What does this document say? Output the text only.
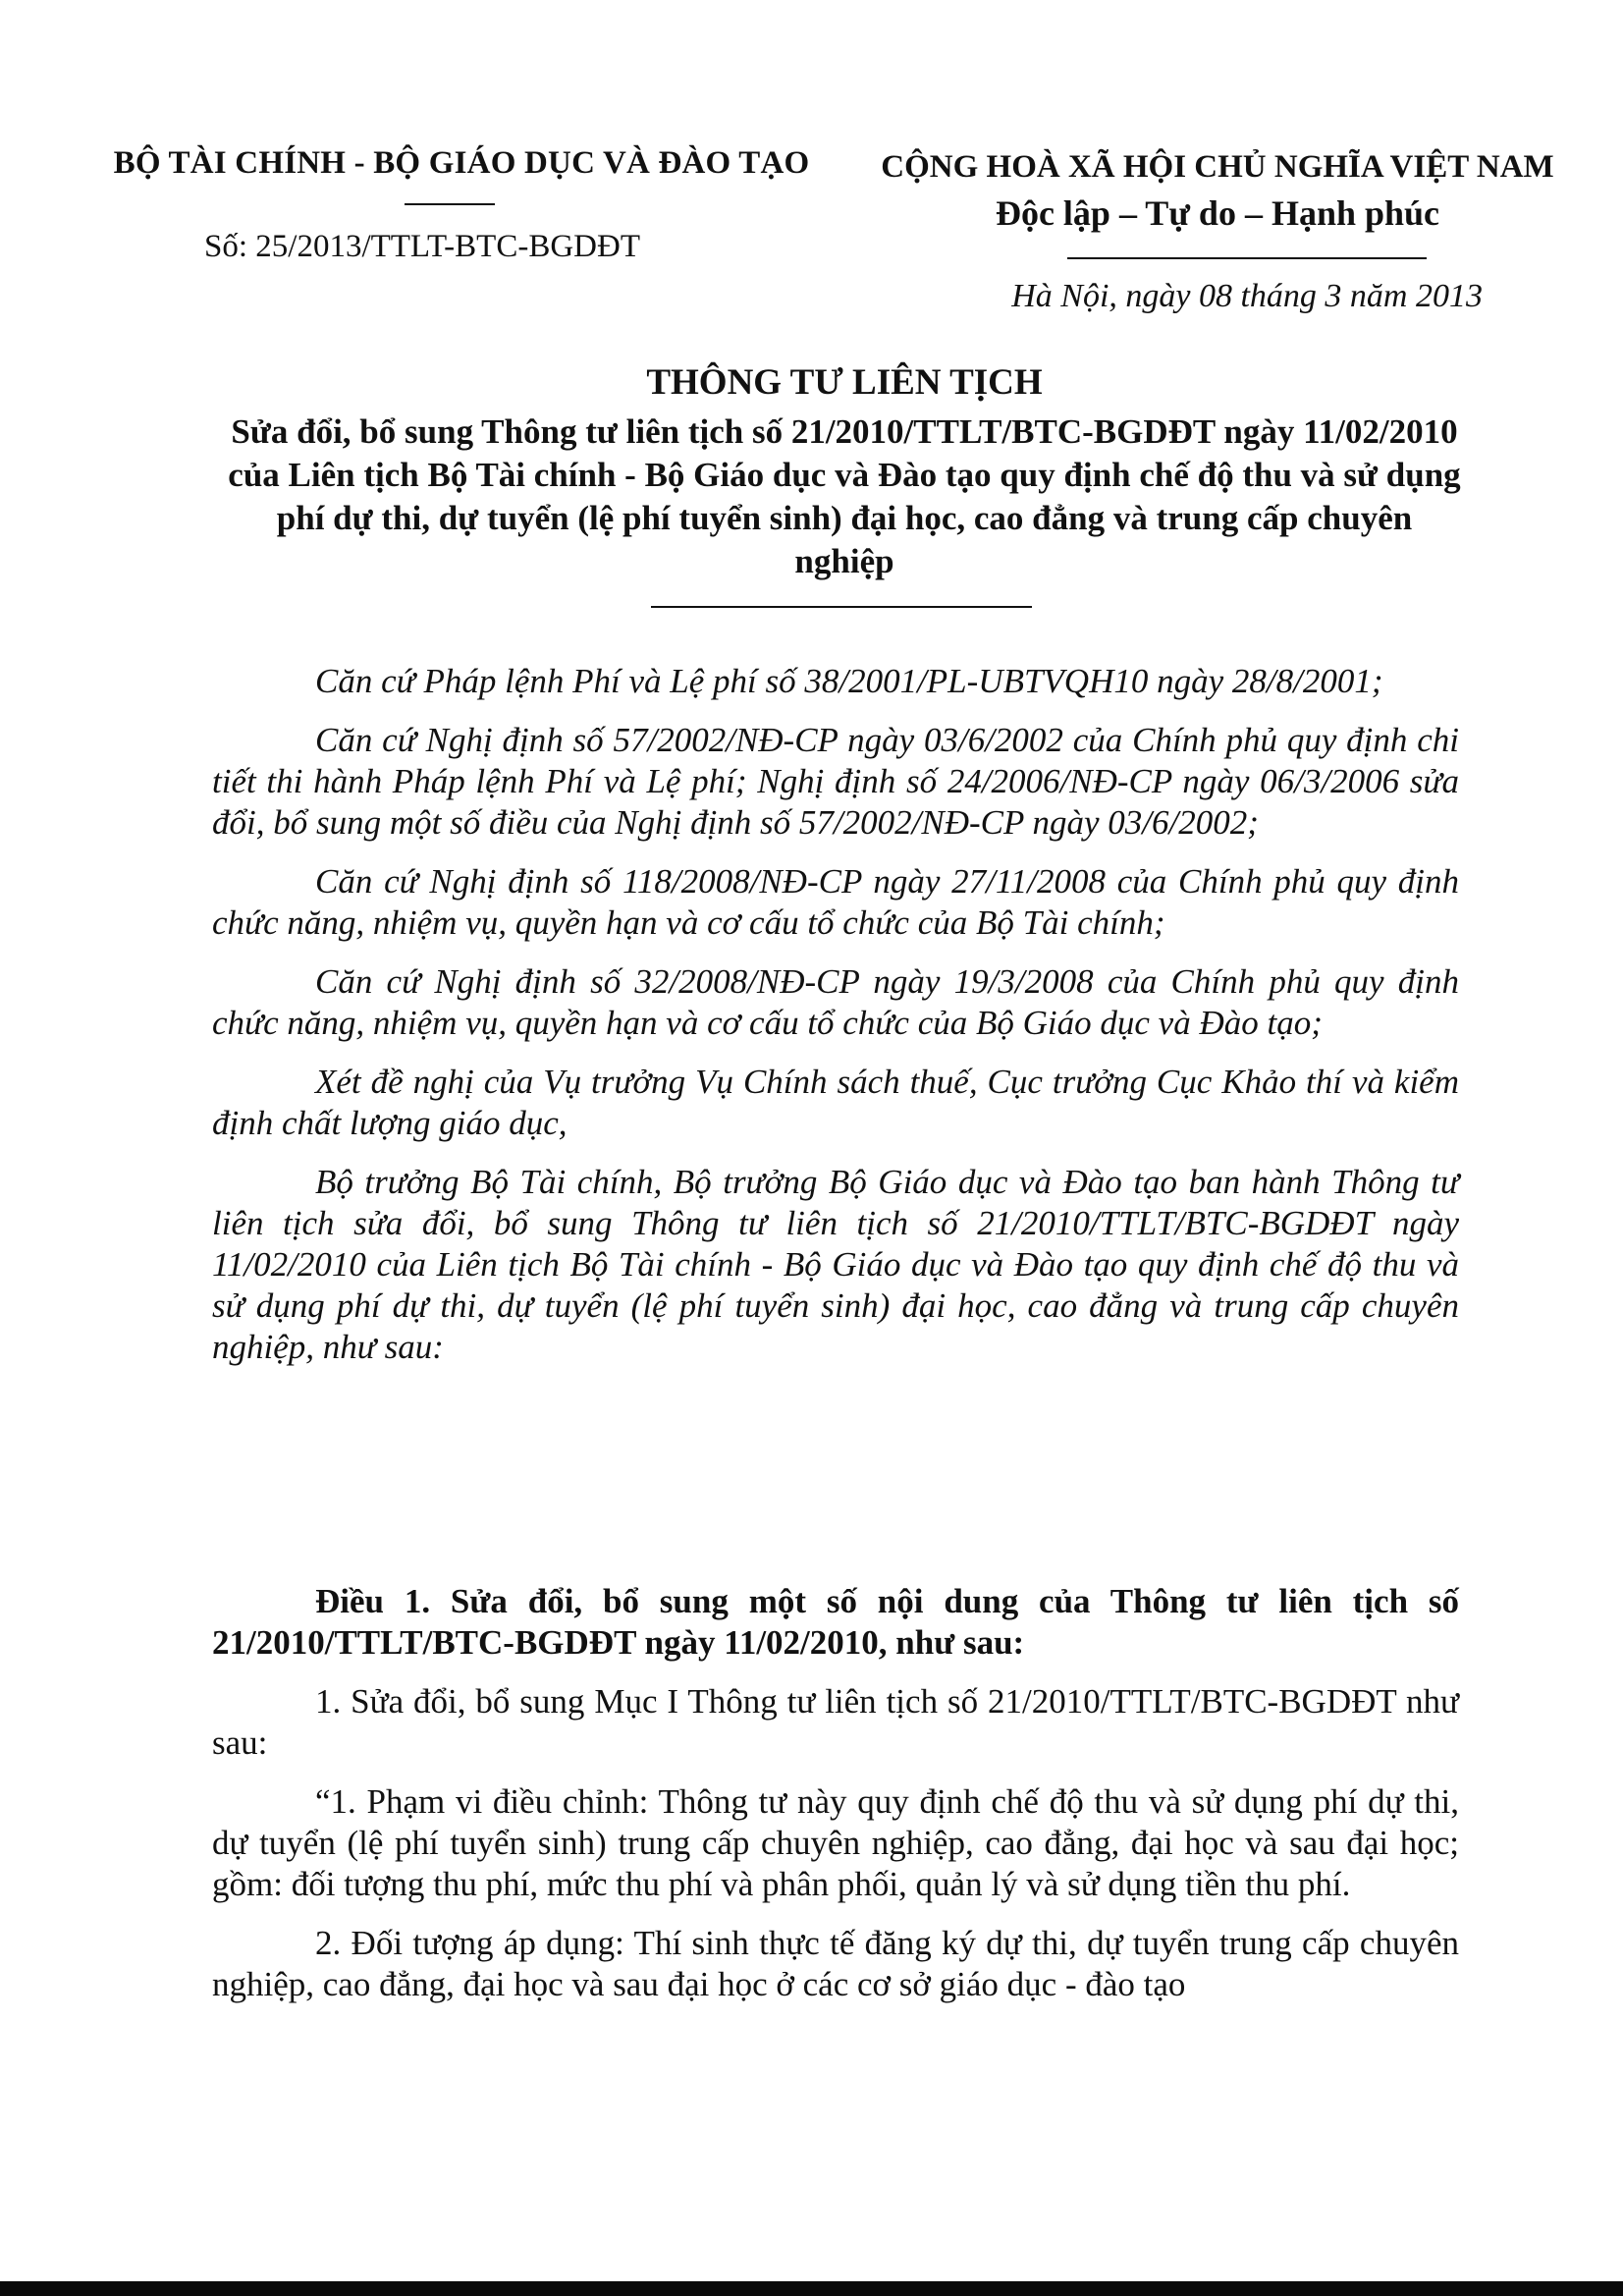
BỘ TÀI CHÍNH - BỘ GIÁO DỤC VÀ ĐÀO TẠO
Số: 25/2013/TTLT-BTC-BGDĐT
CỘNG HOÀ XÃ HỘI CHỦ NGHĨA VIỆT NAM
Độc lập – Tự do – Hạnh phúc
Hà Nội, ngày 08 tháng 3 năm 2013
THÔNG TƯ LIÊN TỊCH
Sửa đổi, bổ sung Thông tư liên tịch số 21/2010/TTLT/BTC-BGDĐT ngày 11/02/2010 của Liên tịch Bộ Tài chính - Bộ Giáo dục và Đào tạo quy định chế độ thu và sử dụng phí dự thi, dự tuyển (lệ phí tuyển sinh) đại học, cao đẳng và trung cấp chuyên nghiệp

Căn cứ Pháp lệnh Phí và Lệ phí số 38/2001/PL-UBTVQH10 ngày 28/8/2001;

Căn cứ Nghị định số 57/2002/NĐ-CP ngày 03/6/2002 của Chính phủ quy định chi tiết thi hành Pháp lệnh Phí và Lệ phí; Nghị định số 24/2006/NĐ-CP ngày 06/3/2006 sửa đổi, bổ sung một số điều của Nghị định số 57/2002/NĐ-CP ngày 03/6/2002;

Căn cứ Nghị định số 118/2008/NĐ-CP ngày 27/11/2008 của Chính phủ quy định chức năng, nhiệm vụ, quyền hạn và cơ cấu tổ chức của Bộ Tài chính;

Căn cứ Nghị định số 32/2008/NĐ-CP ngày 19/3/2008 của Chính phủ quy định chức năng, nhiệm vụ, quyền hạn và cơ cấu tổ chức của Bộ Giáo dục và Đào tạo;

Xét đề nghị của Vụ trưởng Vụ Chính sách thuế, Cục trưởng Cục Khảo thí và kiểm định chất lượng giáo dục,

Bộ trưởng Bộ Tài chính, Bộ trưởng Bộ Giáo dục và Đào tạo ban hành Thông tư liên tịch sửa đổi, bổ sung Thông tư liên tịch số 21/2010/TTLT/BTC-BGDĐT ngày 11/02/2010 của Liên tịch Bộ Tài chính - Bộ Giáo dục và Đào tạo quy định chế độ thu và sử dụng phí dự thi, dự tuyển (lệ phí tuyển sinh) đại học, cao đẳng và trung cấp chuyên nghiệp, như sau:

Điều 1. Sửa đổi, bổ sung một số nội dung của Thông tư liên tịch số 21/2010/TTLT/BTC-BGDĐT ngày 11/02/2010, như sau:

1. Sửa đổi, bổ sung Mục I Thông tư liên tịch số 21/2010/TTLT/BTC-BGDĐT như sau:

“1. Phạm vi điều chỉnh: Thông tư này quy định chế độ thu và sử dụng phí dự thi, dự tuyển (lệ phí tuyển sinh) trung cấp chuyên nghiệp, cao đẳng, đại học và sau đại học; gồm: đối tượng thu phí, mức thu phí và phân phối, quản lý và sử dụng tiền thu phí.

2. Đối tượng áp dụng: Thí sinh thực tế đăng ký dự thi, dự tuyển trung cấp chuyên nghiệp, cao đẳng, đại học và sau đại học ở các cơ sở giáo dục - đào tạo
